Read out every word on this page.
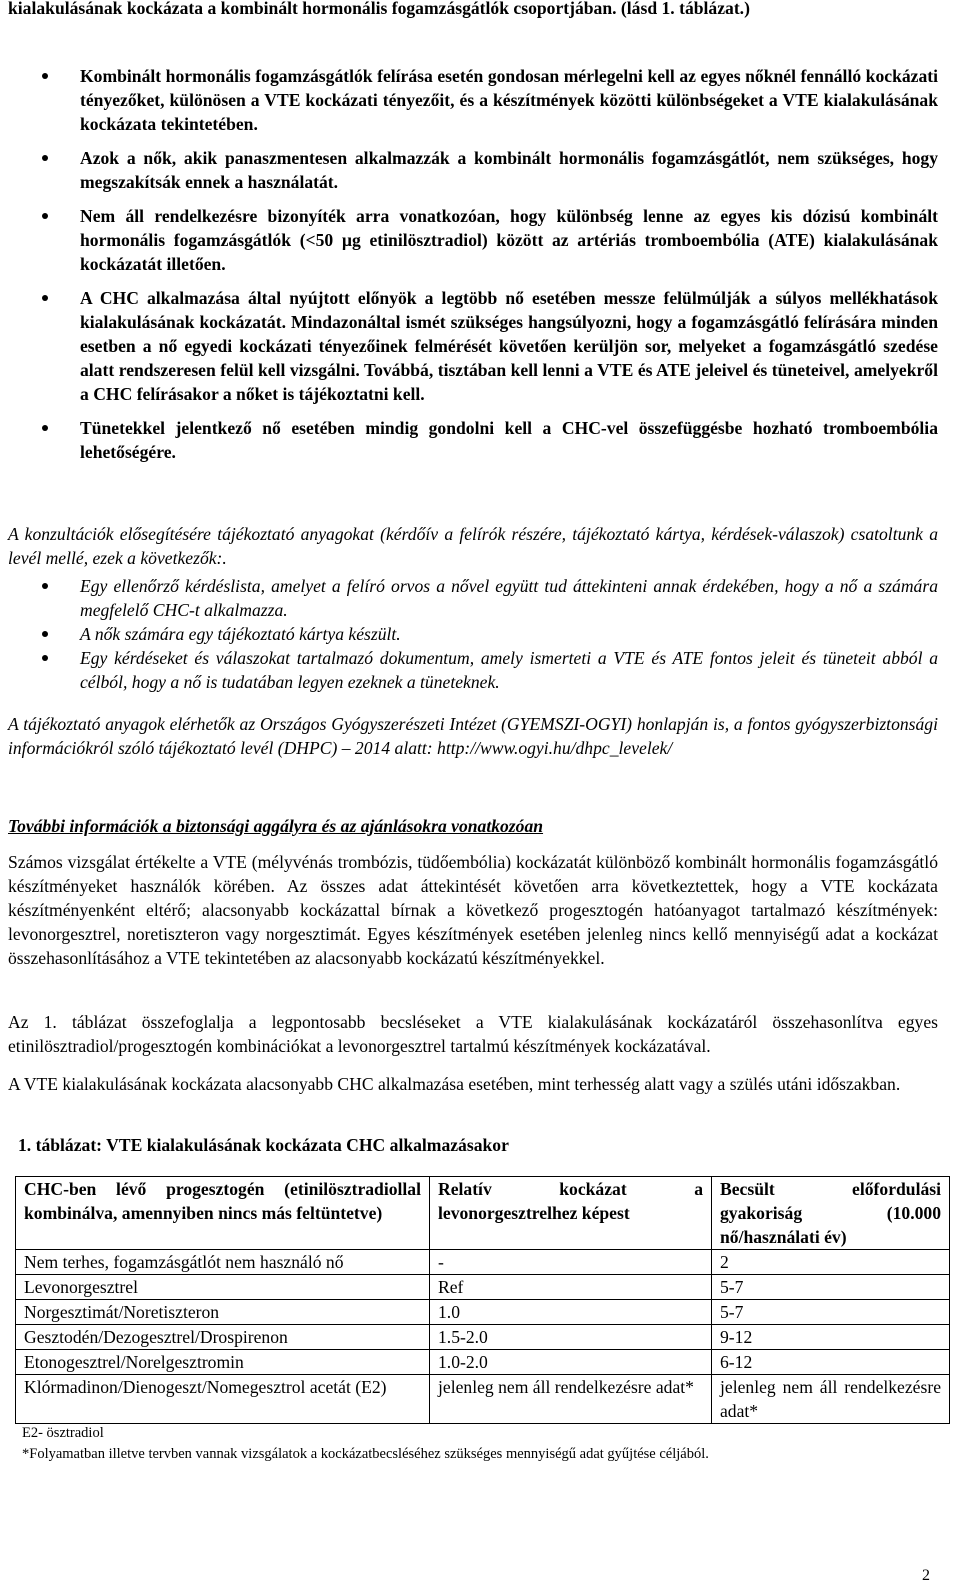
kialakulásának kockázata a kombinált hormonális fogamzásgátlók csoportjában. (lásd 1. táblázat.)

Kombinált hormonális fogamzásgátlók felírása esetén gondosan mérlegelni kell az egyes nőknél fennálló kockázati tényezőket, különösen a VTE kockázati tényezőit, és a készítmények közötti különbségeket a VTE kialakulásának kockázata tekintetében.
Azok a nők, akik panaszmentesen alkalmazzák a kombinált hormonális fogamzásgátlót, nem szükséges, hogy megszakítsák ennek a használatát.
Nem áll rendelkezésre bizonyíték arra vonatkozóan, hogy különbség lenne az egyes kis dózisú kombinált hormonális fogamzásgátlók (<50 µg etinilösztradiol) között az artériás tromboembólia (ATE) kialakulásának kockázatát illetően.
A CHC alkalmazása által nyújtott előnyök a legtöbb nő esetében messze felülmúlják a súlyos mellékhatások kialakulásának kockázatát. Mindazonáltal ismét szükséges hangsúlyozni, hogy a fogamzásgátló felírására minden esetben a nő egyedi kockázati tényezőinek felmérését követően kerüljön sor, melyeket a fogamzásgátló szedése alatt rendszeresen felül kell vizsgálni. Továbbá, tisztában kell lenni a VTE és ATE jeleivel és tüneteivel, amelyekről a CHC felírásakor a nőket is tájékoztatni kell.
Tünetekkel jelentkező nő esetében mindig gondolni kell a CHC-vel összefüggésbe hozható tromboembólia lehetőségére.

A konzultációk elősegítésére tájékoztató anyagokat (kérdőív a felírók részére, tájékoztató kártya, kérdések-válaszok) csatoltunk a levél mellé, ezek a következők:.

Egy ellenőrző kérdéslista, amelyet a felíró orvos a nővel együtt tud áttekinteni annak érdekében, hogy a nő a számára megfelelő CHC-t alkalmazza.
A nők számára egy tájékoztató kártya készült.
Egy kérdéseket és válaszokat tartalmazó dokumentum, amely ismerteti a VTE és ATE fontos jeleit és tüneteit abból a célból, hogy a nő is tudatában legyen ezeknek a tüneteknek.

A tájékoztató anyagok elérhetők az Országos Gyógyszerészeti Intézet (GYEMSZI-OGYI) honlapján is, a fontos gyógyszerbiztonsági információkról szóló tájékoztató levél (DHPC) – 2014 alatt: http://www.ogyi.hu/dhpc_levelek/

További információk a biztonsági aggályra és az ajánlásokra vonatkozóan

Számos vizsgálat értékelte a VTE (mélyvénás trombózis, tüdőembólia) kockázatát különböző kombinált hormonális fogamzásgátló készítményeket használók körében. Az összes adat áttekintését követően arra következtettek, hogy a VTE kockázata készítményenként eltérő; alacsonyabb kockázattal bírnak a következő progesztogén hatóanyagot tartalmazó készítmények: levonorgesztrel, noretiszteron vagy norgesztimát. Egyes készítmények esetében jelenleg nincs kellő mennyiségű adat a kockázat összehasonlításához a VTE tekintetében az alacsonyabb kockázatú készítményekkel.

Az 1. táblázat összefoglalja a legpontosabb becsléseket a VTE kialakulásának kockázatáról összehasonlítva egyes etinilösztradiol/progesztogén kombinációkat a levonorgesztrel tartalmú készítmények kockázatával.

A VTE kialakulásának kockázata alacsonyabb CHC alkalmazása esetében, mint terhesség alatt vagy a szülés utáni időszakban.

1. táblázat: VTE kialakulásának kockázata CHC alkalmazásakor

CHC-ben lévő progesztogén (etinilösztradiollal kombinálva, amennyiben nincs más feltüntetve)	Relatív kockázat a levonorgesztrelhez képest	Becsült előfordulási gyakoriság (10.000 nő/használati év)
Nem terhes, fogamzásgátlót nem használó nő	-	2
Levonorgesztrel	Ref	5-7
Norgesztimát/Noretiszteron	1.0	5-7
Gesztodén/Dezogesztrel/Drospirenon	1.5-2.0	9-12
Etonogesztrel/Norelgesztromin	1.0-2.0	6-12
Klórmadinon/Dienogeszt/Nomegesztrol acetát (E2)	jelenleg nem áll rendelkezésre adat*	jelenleg nem áll rendelkezésre adat*
E2- ösztradiol
*Folyamatban illetve tervben vannak vizsgálatok a kockázatbecsléséhez szükséges mennyiségű adat gyűjtése céljából.
2
